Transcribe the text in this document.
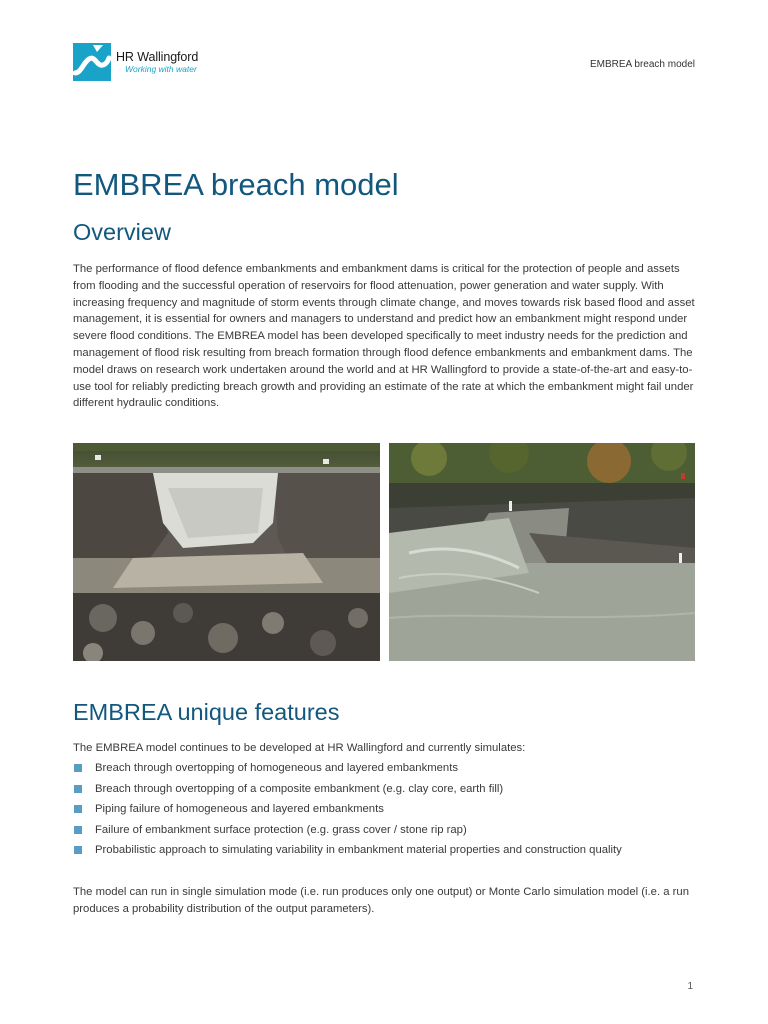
HR Wallingford
Working with water	EMBREA breach model
EMBREA breach model
Overview

The performance of flood defence embankments and embankment dams is critical for the protection of people and assets from flooding and the successful operation of reservoirs for flood attenuation, power generation and water supply. With increasing frequency and magnitude of storm events through climate change, and moves towards risk based flood and asset management, it is essential for owners and managers to understand and predict how an embankment might respond under severe flood conditions. The EMBREA model has been developed specifically to meet industry needs for the prediction and management of flood risk resulting from breach formation through flood defence embankments and embankment dams. The model draws on research work undertaken around the world and at HR Wallingford to provide a state-of-the-art and easy-to-use tool for reliably predicting breach growth and providing an estimate of the rate at which the embankment might fail under different hydraulic conditions.

EMBREA unique features

The EMBREA model continues to be developed at HR Wallingford and currently simulates:

Breach through overtopping of homogeneous and layered embankments
Breach through overtopping of a composite embankment (e.g. clay core, earth fill)
Piping failure of homogeneous and layered embankments
Failure of embankment surface protection (e.g. grass cover / stone rip rap)
Probabilistic approach to simulating variability in embankment material properties and construction quality

The model can run in single simulation mode (i.e. run produces only one output) or Monte Carlo simulation model (i.e. a run produces a probability distribution of the output parameters).

1
